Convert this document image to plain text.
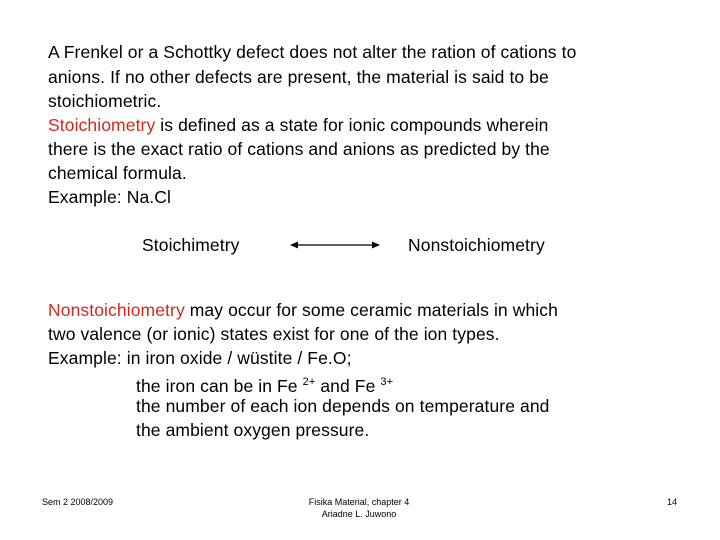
A Frenkel or a Schottky defect does not alter the ration of cations to
anions. If no other defects are present, the material is said to be
stoichiometric.
Stoichiometry is defined as a state for ionic compounds wherein
there is the exact ratio of cations and anions as predicted by the
chemical formula.
Example: Na.Cl
Stoichimetry	Nonstoichiometry
Nonstoichiometry may occur for some ceramic materials in which
two valence (or ionic) states exist for one of the ion types.
Example: in iron oxide / wüstite / Fe.O;
the iron can be in Fe $^{2+}$ and Fe $^{3+}$
the number of each ion depends on temperature and
the ambient oxygen pressure.
Sem 2 2008/2009	Fisika Material, chapter 4
Ariadne L. Juwono
14
